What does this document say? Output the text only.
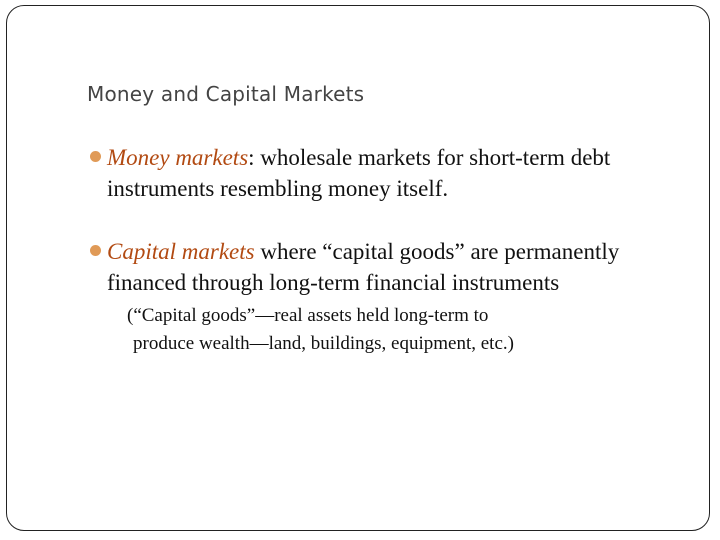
Money and Capital Markets
Money markets: wholesale markets for short-term debt
instruments resembling money itself.
Capital markets where “capital goods” are permanently
financed through long-term financial instruments
(“Capital goods”—real assets held long-term to
produce wealth—land, buildings, equipment, etc.)
